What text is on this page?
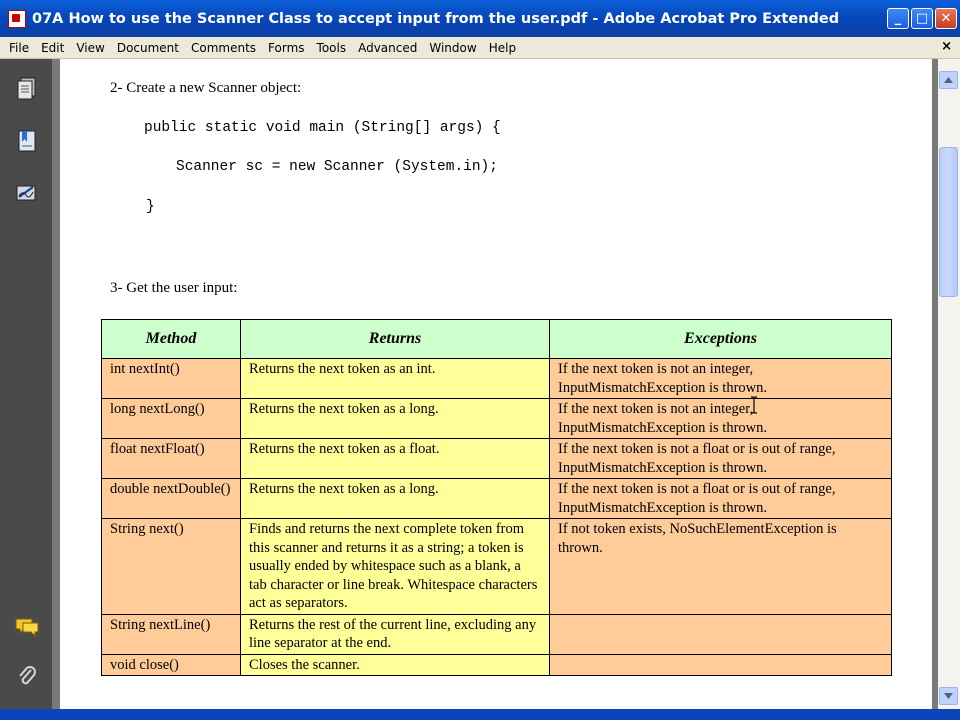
07A How to use the Scanner Class to accept input from the user.pdf - Adobe Acrobat Pro Extended	_ □ ✕
File	Edit	View	Document	Comments	Forms	Tools	Advanced	Window	Help	×
2- Create a new Scanner object:
public static void main (String[] args) {
Scanner sc = new Scanner (System.in);
}
3- Get the user input:
Method	Returns	Exceptions
int nextInt()	Returns the next token as an int.	If the next token is not an integer, InputMismatchException is thrown.
long nextLong()	Returns the next token as a long.	If the next token is not an integer, InputMismatchException is thrown.
float nextFloat()	Returns the next token as a float.	If the next token is not a float or is out of range, InputMismatchException is thrown.
double nextDouble()	Returns the next token as a long.	If the next token is not a float or is out of range, InputMismatchException is thrown.
String next()	Finds and returns the next complete token from this scanner and returns it as a string; a token is usually ended by whitespace such as a blank, a tab character or line break. Whitespace characters act as separators.	If not token exists, NoSuchElementException is thrown.
String nextLine()	Returns the rest of the current line, excluding any line separator at the end.	
void close()	Closes the scanner.	
